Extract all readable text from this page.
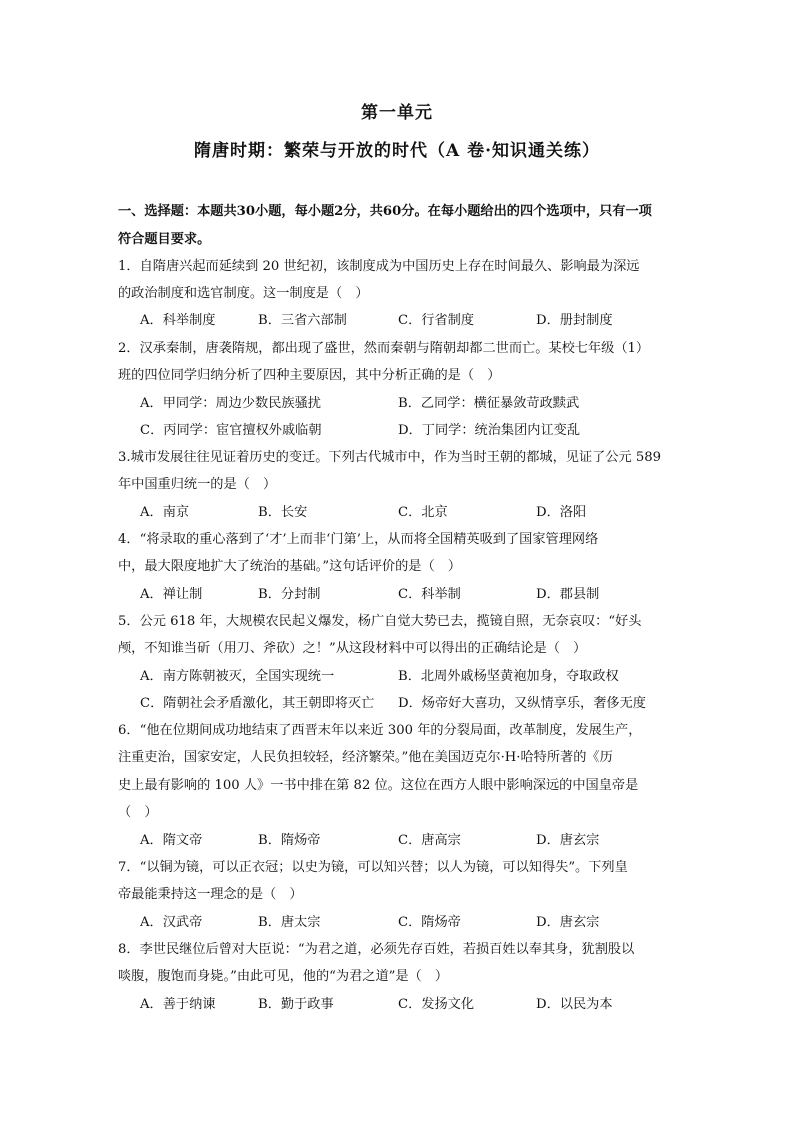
第一单元
隋唐时期：繁荣与开放的时代（A 卷·知识通关练）
一、选择题：本题共30小题，每小题2分，共60分。在每小题给出的四个选项中，只有一项
符合题目要求。
1．自隋唐兴起而延续到 20 世纪初，该制度成为中国历史上存在时间最久、影响最为深远
的政治制度和选官制度。这一制度是（　）
A．科举制度	B．三省六部制	C．行省制度	D．册封制度
2．汉承秦制，唐袭隋规，都出现了盛世，然而秦朝与隋朝却都二世而亡。某校七年级（1）
班的四位同学归纳分析了四种主要原因，其中分析正确的是（　）
A．甲同学：周边少数民族骚扰	B．乙同学：横征暴敛苛政黩武
C．丙同学：宦官擅权外戚临朝	D．丁同学：统治集团内讧变乱
3.城市发展往往见证着历史的变迁。下列古代城市中，作为当时王朝的都城，见证了公元 589
年中国重归统一的是（　）
A．南京	B．长安	C．北京	D．洛阳
4．“将录取的重心落到了‘才’上而非‘门第’上，从而将全国精英吸到了国家管理网络
中，最大限度地扩大了统治的基础。”这句话评价的是（　）
A．禅让制	B．分封制	C．科举制	D．郡县制
5．公元 618 年，大规模农民起义爆发，杨广自觉大势已去，揽镜自照，无奈哀叹：“好头
颅，不知谁当斫（用刀、斧砍）之！”从这段材料中可以得出的正确结论是（　）
A．南方陈朝被灭，全国实现统一	B．北周外戚杨坚黄袍加身，夺取政权
C．隋朝社会矛盾激化，其王朝即将灭亡 D．炀帝好大喜功，又纵情享乐，奢侈无度
6．“他在位期间成功地结束了西晋末年以来近 300 年的分裂局面，改革制度，发展生产，
注重吏治，国家安定，人民负担较轻，经济繁荣。”他在美国迈克尔·H·哈特所著的《历
史上最有影响的 100 人》一书中排在第 82 位。这位在西方人眼中影响深远的中国皇帝是
（　）
A．隋文帝	B．隋炀帝	C．唐高宗	D．唐玄宗
7．“以铜为镜，可以正衣冠；以史为镜，可以知兴替；以人为镜，可以知得失”。下列皇
帝最能秉持这一理念的是（　）
A．汉武帝	B．唐太宗	C．隋炀帝	D．唐玄宗
8．李世民继位后曾对大臣说：“为君之道，必须先存百姓，若损百姓以奉其身，犹割股以
啖腹，腹饱而身毙。”由此可见，他的“为君之道”是（　）
A．善于纳谏	B．勤于政事	C．发扬文化	D．以民为本
